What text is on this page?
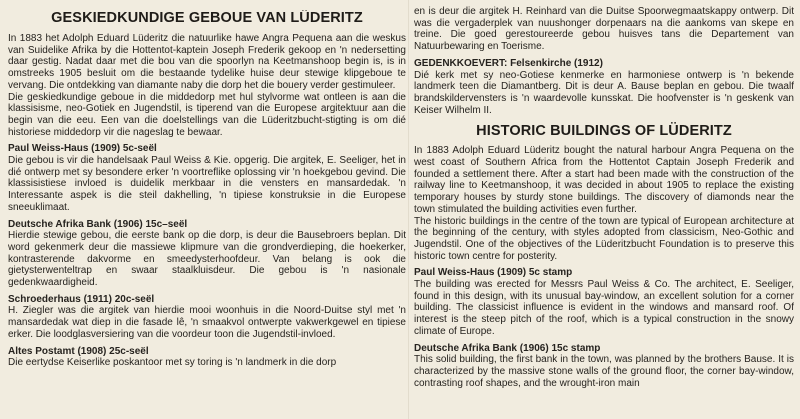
GESKIEDKUNDIGE GEBOUE VAN LÜDERITZ

In 1883 het Adolph Eduard Lüderitz die natuurlike hawe Angra Pequena aan die weskus van Suidelike Afrika by die Hottentot-kaptein Joseph Frederik gekoop en 'n nedersetting daar gestig. Nadat daar met die bou van die spoorlyn na Keetmanshoop begin is, is in omstreeks 1905 besluit om die bestaande tydelike huise deur stewige klipgeboue te vervang. Die ontdekking van diamante naby die dorp het die bouery verder gestimuleer.

Die geskiedkundige geboue in die middedorp met hul stylvorme wat ontleen is aan die klassisisme, neo-Gotiek en Jugendstil, is tiperend van die Europese argitektuur aan die begin van die eeu. Een van die doelstellings van die Lüderitzbucht-stigting is om dié historiese middedorp vir die nageslag te bewaar.

Paul Weiss-Haus (1909) 5c-seël

Die gebou is vir die handelsaak Paul Weiss & Kie. opgerig. Die argitek, E. Seeliger, het in dié ontwerp met sy besondere erker 'n voortreflike oplossing vir 'n hoekgebou gevind. Die klassisistiese invloed is duidelik merkbaar in die vensters en mansardedak. 'n Interessante aspek is die steil dakhelling, 'n tipiese konstruksie in die Europese sneeuklimaat.

Deutsche Afrika Bank (1906) 15c–seël

Hierdie stewige gebou, die eerste bank op die dorp, is deur die Bausebroers beplan. Dit word gekenmerk deur die massiewe klipmure van die grondverdieping, die hoekerker, kontrasterende dakvorme en smeedysterhoofdeur. Van belang is ook die gietysterwenteltrap en swaar staalkluisdeur. Die gebou is 'n nasionale gedenkwaardigheid.

Schroederhaus (1911) 20c-seël

H. Ziegler was die argitek van hierdie mooi woonhuis in die Noord-Duitse styl met 'n mansardedak wat diep in die fasade lê, 'n smaakvol ontwerpte vakwerkgewel en tipiese erker. Die loodglasversiering van die voordeur toon die Jugendstil-invloed.

Altes Postamt (1908) 25c-seël

Die eertydse Keiserlike poskantoor met sy toring is 'n landmerk in die dorp

en is deur die argitek H. Reinhard van die Duitse Spoorwegmaatskappy ontwerp. Dit was die vergaderplek van nuushonger dorpenaars na die aankoms van skepe en treine. Die goed gerestoureerde gebou huisves tans die Departement van Natuurbewaring en Toerisme.

GEDENKKOEVERT: Felsenkirche (1912)

Dié kerk met sy neo-Gotiese kenmerke en harmoniese ontwerp is 'n bekende landmerk teen die Diamantberg. Dit is deur A. Bause beplan en gebou. Die twaalf brandskildervensters is 'n waardevolle kunsskat. Die hoofvenster is 'n geskenk van Keiser Wilhelm II.

HISTORIC BUILDINGS OF LÜDERITZ

In 1883 Adolph Eduard Lüderitz bought the natural harbour Angra Pequena on the west coast of Southern Africa from the Hottentot Captain Joseph Frederik and founded a settlement there. After a start had been made with the construction of the railway line to Keetmanshoop, it was decided in about 1905 to replace the existing temporary houses by sturdy stone buildings. The discovery of diamonds near the town stimulated the building activities even further.

The historic buildings in the centre of the town are typical of European architecture at the beginning of the century, with styles adopted from classicism, Neo-Gothic and Jugendstil. One of the objectives of the Lüderitzbucht Foundation is to preserve this historic town centre for posterity.

Paul Weiss-Haus (1909) 5c stamp

The building was erected for Messrs Paul Weiss & Co. The architect, E. Seeliger, found in this design, with its unusual bay-window, an excellent solution for a corner building. The classicist influence is evident in the windows and mansard roof. Of interest is the steep pitch of the roof, which is a typical construction in the snowy climate of Europe.

Deutsche Afrika Bank (1906) 15c stamp

This solid building, the first bank in the town, was planned by the brothers Bause. It is characterized by the massive stone walls of the ground floor, the corner bay-window, contrasting roof shapes, and the wrought-iron main
